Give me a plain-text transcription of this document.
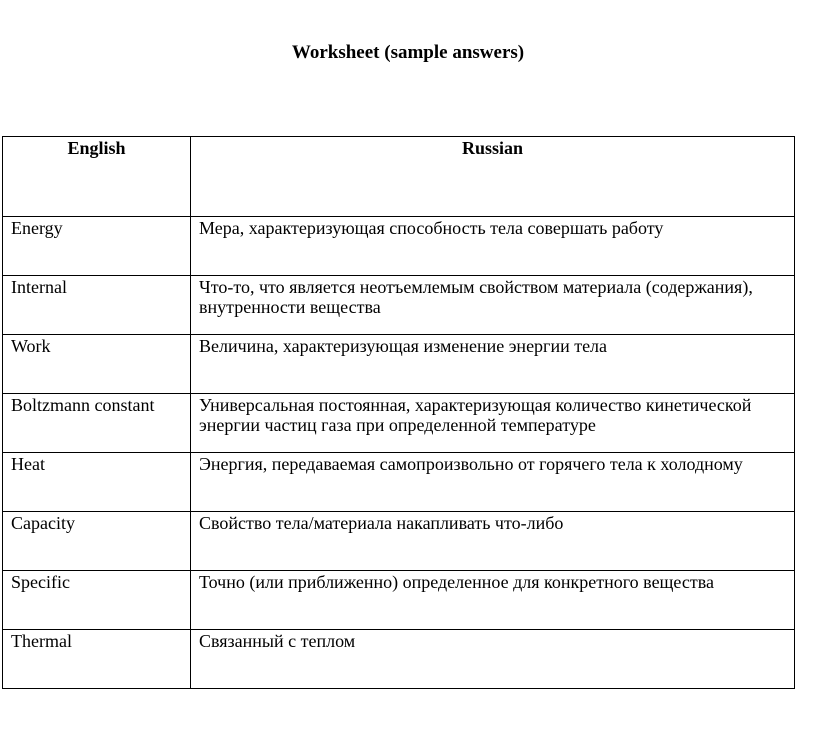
Worksheet (sample answers)
English	Russian
Energy	Мера, характеризующая способность тела совершать работу
Internal	Что-то, что является неотъемлемым свойством материала (содержания), внутренности вещества
Work	Величина, характеризующая изменение энергии тела
Boltzmann constant	Универсальная постоянная, характеризующая количество кинетической энергии частиц газа при определенной температуре
Heat	Энергия, передаваемая самопроизвольно от горячего тела к холодному
Capacity	Свойство тела/материала накапливать что-либо
Specific	Точно (или приближенно) определенное для конкретного вещества
Thermal	Связанный с теплом
